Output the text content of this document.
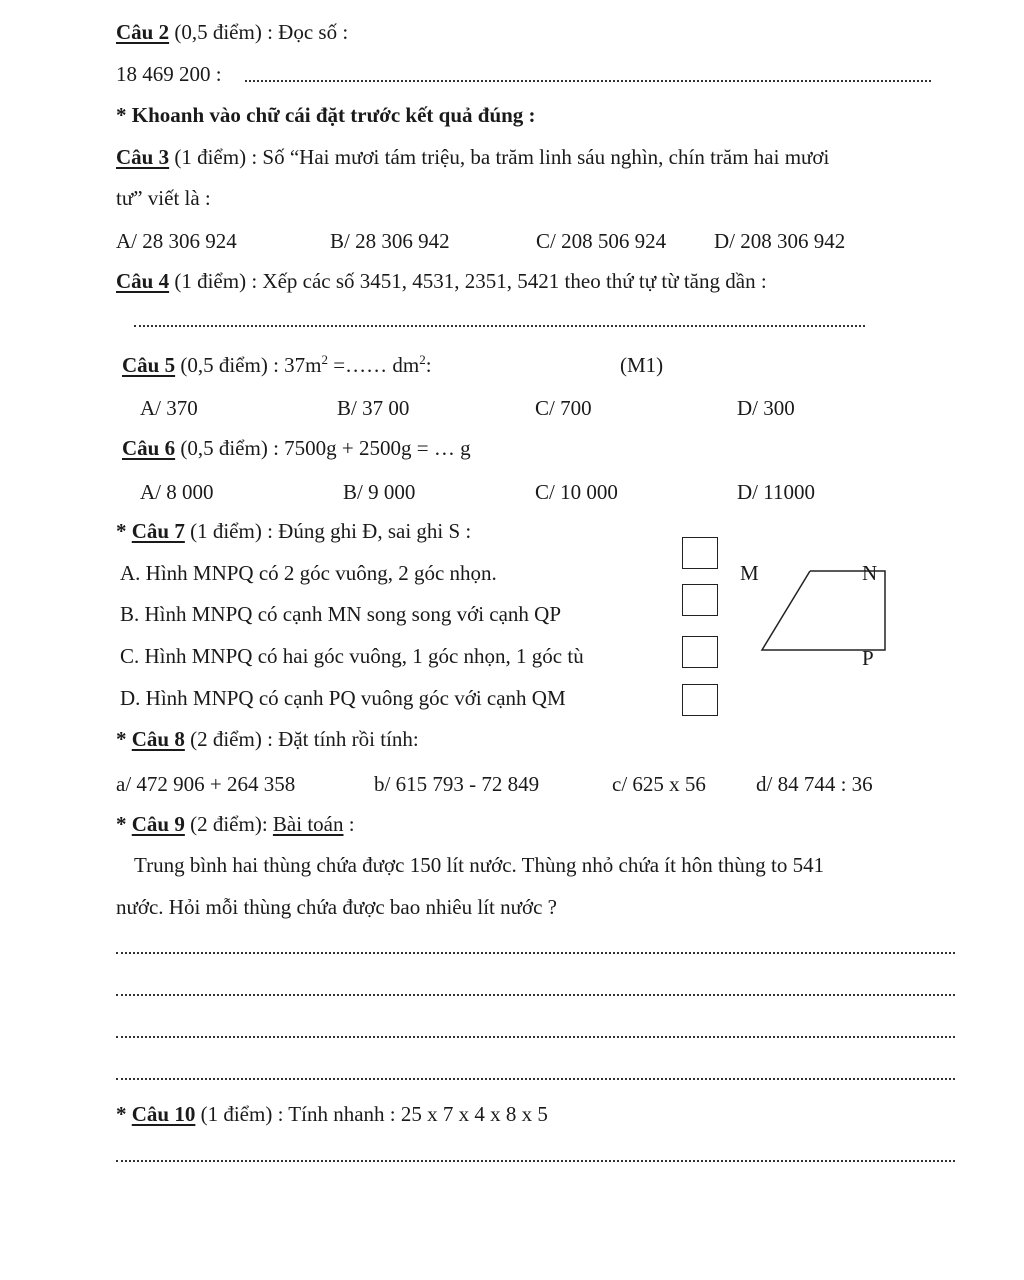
Câu 2 (0,5 điểm) : Đọc số :
18 469 200 :
* Khoanh vào chữ cái đặt trước kết quả đúng :
Câu 3 (1 điểm) : Số “Hai mươi tám triệu, ba trăm linh sáu nghìn, chín trăm hai mươi
tư” viết là :
A/ 28 306 924	B/ 28 306 942	C/ 208 506 924 D/ 208 306 942
Câu 4 (1 điểm) : Xếp các số 3451, 4531, 2351, 5421 theo thứ tự từ tăng dần :
Câu 5 (0,5 điểm) : $37m^2$ =…… $dm^2$:	(M1)
A/ 370	B/ 37 00	C/ 700	D/ 300
Câu 6 (0,5 điểm) : 7500g + 2500g = … g
A/ 8 000	B/ 9 000	C/ 10 000	D/ 11000
* Câu 7 (1 điểm) : Đúng ghi Đ, sai ghi S :
A. Hình MNPQ có 2 góc vuông, 2 góc nhọn.
B. Hình MNPQ có cạnh MN song song với cạnh QP
C. Hình MNPQ có hai góc vuông, 1 góc nhọn, 1 góc tù
D. Hình MNPQ có cạnh PQ vuông góc với cạnh QM
M	N
P
* Câu 8 (2 điểm) : Đặt tính rồi tính:
a/ 472 906 + 264 358	b/ 615 793 - 72 849	c/ 625 x 56 d/ 84 744 : 36
* Câu 9 (2 điểm): Bài toán :
Trung bình hai thùng chứa được 150 lít nước. Thùng nhỏ chứa ít hôn thùng to 541
nước. Hỏi mỗi thùng chứa được bao nhiêu lít nước ?
* Câu 10 (1 điểm) : Tính nhanh : 25 x 7 x 4 x 8 x 5
